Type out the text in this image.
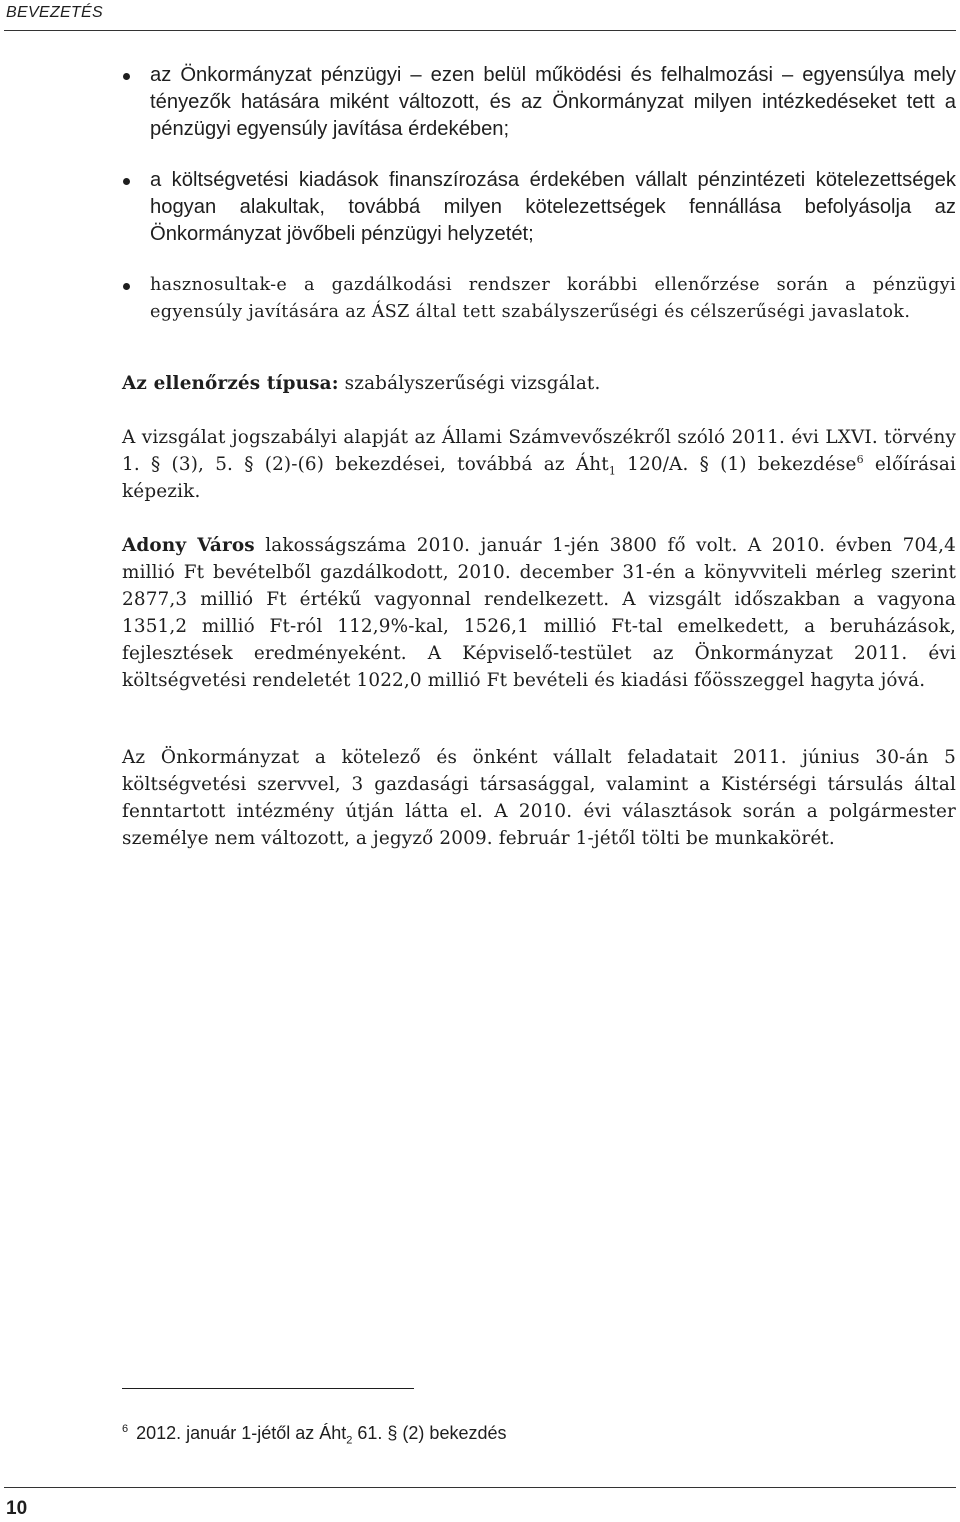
BEVEZETÉS
az Önkormányzat pénzügyi – ezen belül működési és felhalmozási – egyensúlya mely tényezők hatására miként változott, és az Önkormányzat milyen intézkedéseket tett a pénzügyi egyensúly javítása érdekében;
a költségvetési kiadások finanszírozása érdekében vállalt pénzintézeti kötelezettségek hogyan alakultak, továbbá milyen kötelezettségek fennállása befolyásolja az Önkormányzat jövőbeli pénzügyi helyzetét;
hasznosultak-e a gazdálkodási rendszer korábbi ellenőrzése során a pénzügyi egyensúly javítására az ÁSZ által tett szabályszerűségi és célszerűségi javaslatok.

Az ellenőrzés típusa: szabályszerűségi vizsgálat.

A vizsgálat jogszabályi alapját az Állami Számvevőszékről szóló 2011. évi LXVI. törvény 1. § (3), 5. § (2)-(6) bekezdései, továbbá az Áht$_1$ 120/A. § (1) bekezdése$^6$ előírásai képezik.

Adony Város lakosságszáma 2010. január 1-jén 3800 fő volt. A 2010. évben 704,4 millió Ft bevételből gazdálkodott, 2010. december 31-én a könyvviteli mérleg szerint 2877,3 millió Ft értékű vagyonnal rendelkezett. A vizsgált időszakban a vagyona 1351,2 millió Ft-ról 112,9%-kal, 1526,1 millió Ft-tal emelkedett, a beruházások, fejlesztések eredményeként. A Képviselő-testület az Önkormányzat 2011. évi költségvetési rendeletét 1022,0 millió Ft bevételi és kiadási főösszeggel hagyta jóvá.

Az Önkormányzat a kötelező és önként vállalt feladatait 2011. június 30-án 5 költségvetési szervvel, 3 gazdasági társasággal, valamint a Kistérségi társulás által fenntartott intézmény útján látta el. A 2010. évi választások során a polgármester személye nem változott, a jegyző 2009. február 1-jétől tölti be munkakörét.

$^6$ 2012. január 1-jétől az Áht$_2$ 61. § (2) bekezdés
10
